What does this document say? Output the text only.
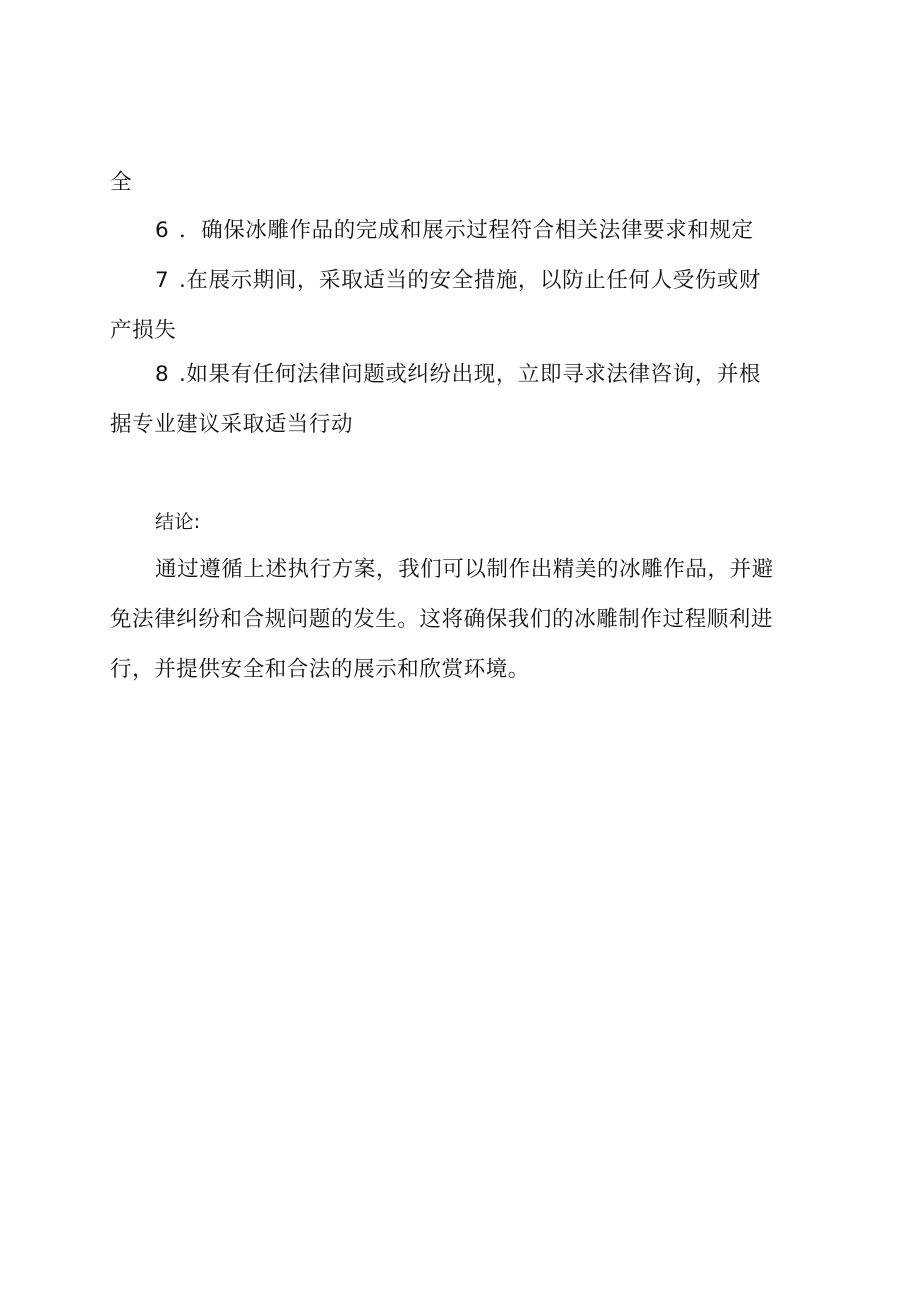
全
6 ．确保冰雕作品的完成和展示过程符合相关法律要求和规定
7 .在展示期间，采取适当的安全措施，以防止任何人受伤或财
产损失
8 .如果有任何法律问题或纠纷出现，立即寻求法律咨询，并根
据专业建议采取适当行动
结论:
通过遵循上述执行方案，我们可以制作出精美的冰雕作品，并避
免法律纠纷和合规问题的发生。这将确保我们的冰雕制作过程顺利进
行，并提供安全和合法的展示和欣赏环境。
